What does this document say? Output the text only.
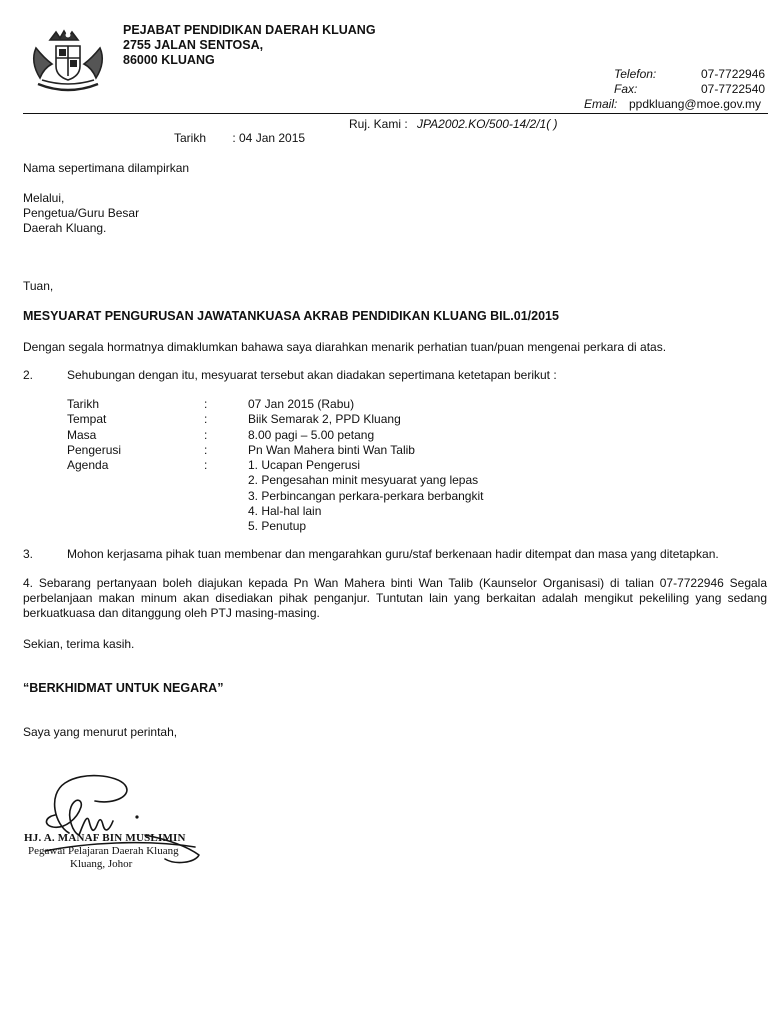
PEJABAT PENDIDIKAN DAERAH KLUANG
2755 JALAN SENTOSA,
86000 KLUANG
Telefon:	07-7722946
Fax:	07-7722540
Email: ppdkluang@moe.gov.my
Ruj. Kami : JPA2002.KO/500-14/2/1( )
Tarikh : 04 Jan 2015
Nama sepertimana dilampirkan
Melalui,
Pengetua/Guru Besar
Daerah Kluang.
Tuan,
MESYUARAT PENGURUSAN JAWATANKUASA AKRAB PENDIDIKAN KLUANG BIL.01/2015
Dengan segala hormatnya dimaklumkan bahawa saya diarahkan menarik perhatian tuan/puan mengenai perkara di atas.
2.	Sehubungan dengan itu, mesyuarat tersebut akan diadakan sepertimana ketetapan berikut :
Tarikh	:	07 Jan 2015 (Rabu)
Tempat	:	Biik Semarak 2, PPD Kluang
Masa	:	8.00 pagi – 5.00 petang
Pengerusi	:	Pn Wan Mahera binti Wan Talib
Agenda	:	1. Ucapan Pengerusi
2. Pengesahan minit mesyuarat yang lepas
3. Perbincangan perkara-perkara berbangkit
4. Hal-hal lain
5. Penutup
3.	Mohon kerjasama pihak tuan membenar dan mengarahkan guru/staf berkenaan hadir ditempat dan masa yang ditetapkan.
4. Sebarang pertanyaan boleh diajukan kepada Pn Wan Mahera binti Wan Talib (Kaunselor Organisasi) di talian 07-7722946 Segala perbelanjaan makan minum akan disediakan pihak penganjur. Tuntutan lain yang berkaitan adalah mengikut pekeliling yang sedang berkuatkuasa dan ditanggung oleh PTJ masing-masing.
Sekian, terima kasih.
“BERKHIDMAT UNTUK NEGARA”
Saya yang menurut perintah,
HJ. A. MANAF BIN MUSLIMIN
Pegawai Pelajaran Daerah Kluang
Kluang, Johor
